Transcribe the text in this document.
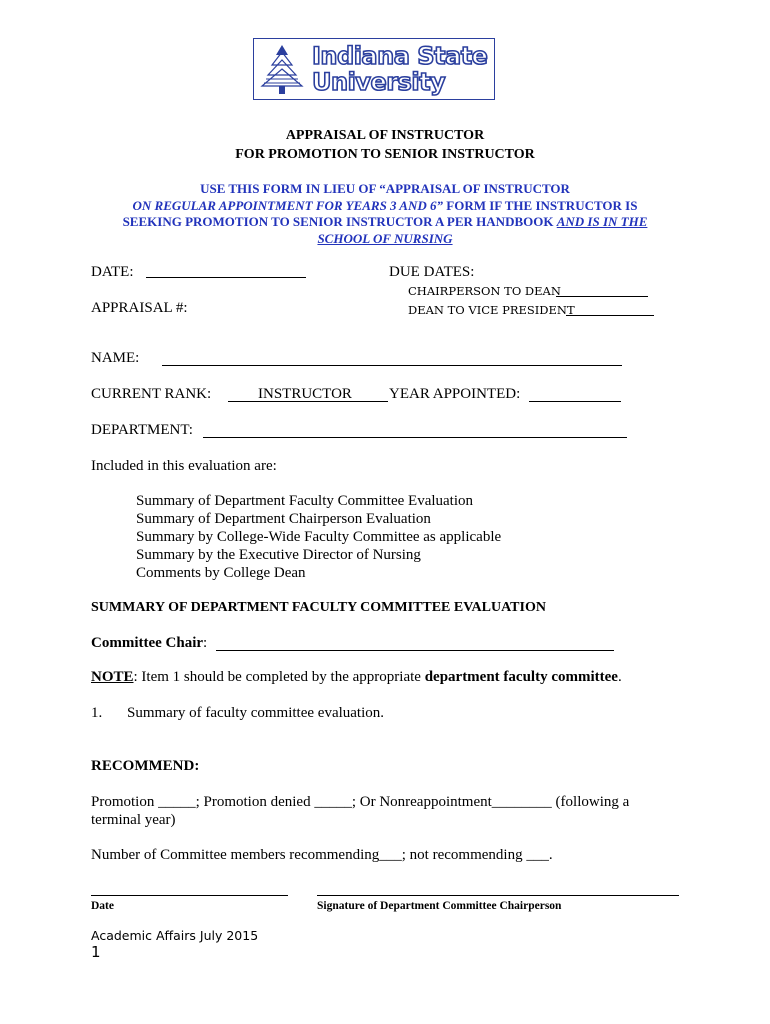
Indiana State
University
APPRAISAL OF INSTRUCTOR
FOR PROMOTION TO SENIOR INSTRUCTOR
USE THIS FORM IN LIEU OF “APPRAISAL OF INSTRUCTOR
ON REGULAR APPOINTMENT FOR YEARS 3 AND 6” FORM IF THE INSTRUCTOR IS
SEEKING PROMOTION TO SENIOR INSTRUCTOR A PER HANDBOOK AND IS IN THE
SCHOOL OF NURSING
DATE:	DUE DATES:
CHAIRPERSON TO DEAN
APPRAISAL #:	DEAN TO VICE PRESIDENT
NAME:
CURRENT RANK:	INSTRUCTOR YEAR APPOINTED:
DEPARTMENT:
Included in this evaluation are:
Summary of Department Faculty Committee Evaluation
Summary of Department Chairperson Evaluation
Summary by College-Wide Faculty Committee as applicable
Summary by the Executive Director of Nursing
Comments by College Dean
SUMMARY OF DEPARTMENT FACULTY COMMITTEE EVALUATION
Committee Chair:
NOTE: Item 1 should be completed by the appropriate department faculty committee.
1. Summary of faculty committee evaluation.
RECOMMEND:
Promotion _____; Promotion denied _____; Or Nonreappointment________ (following a
terminal year)
Number of Committee members recommending___; not recommending ___.
Date	Signature of Department Committee Chairperson
Academic Affairs July 2015
1
